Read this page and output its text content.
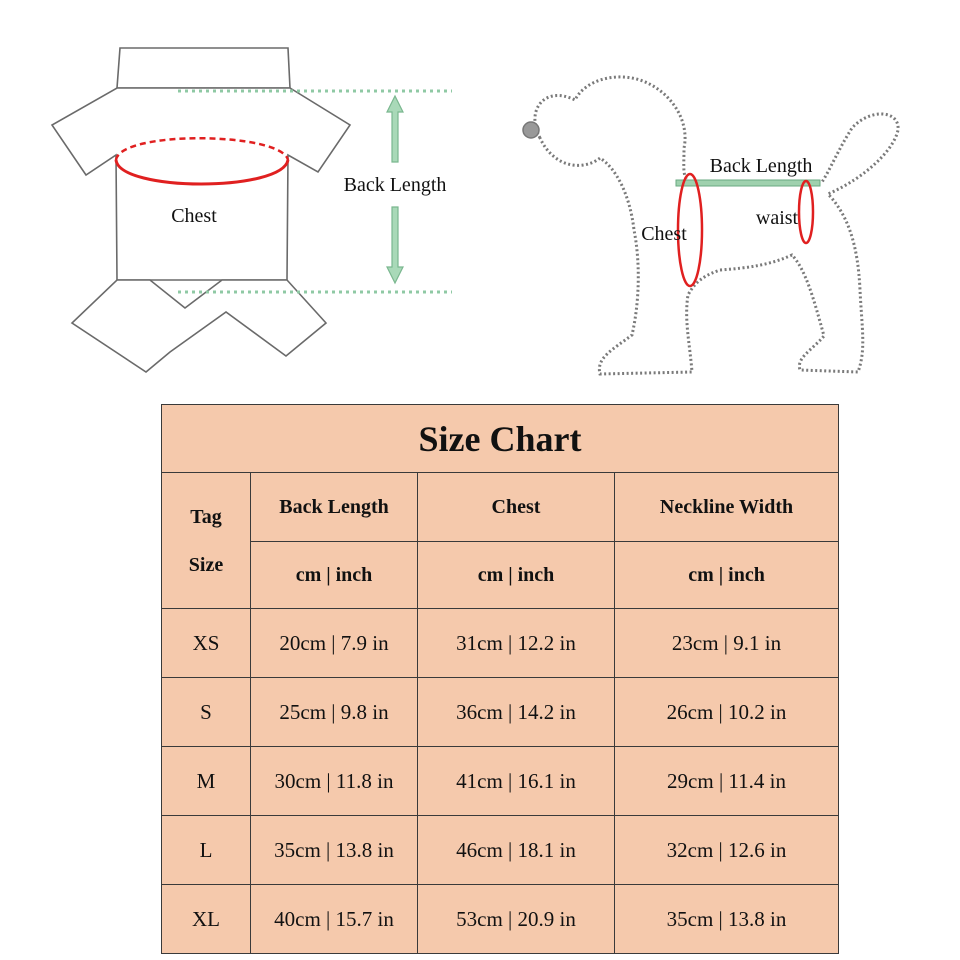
Chest
Back Length
Back Length
Chest
waist
Size Chart			

Tag
Size	Back Length	Chest	Neckline Width
	cm | inch	cm | inch	cm | inch
XS	20cm | 7.9 in	31cm | 12.2 in	23cm | 9.1 in
S	25cm | 9.8 in	36cm | 14.2 in	26cm | 10.2 in
M	30cm | 11.8 in	41cm | 16.1 in	29cm | 11.4 in
L	35cm | 13.8 in	46cm | 18.1 in	32cm | 12.6 in
XL	40cm | 15.7 in	53cm | 20.9 in	35cm | 13.8 in
